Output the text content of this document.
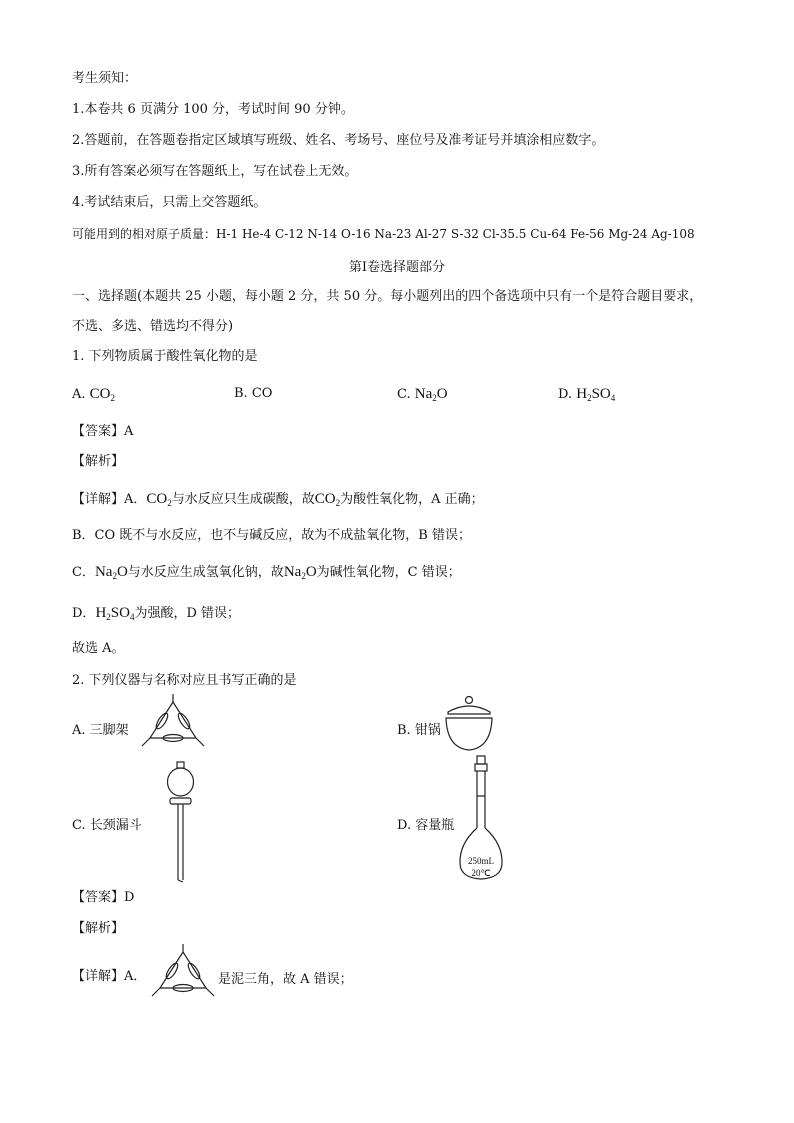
考生须知：
1.本卷共 6 页满分 100 分，考试时间 90 分钟。
2.答题前，在答题卷指定区域填写班级、姓名、考场号、座位号及准考证号并填涂相应数字。
3.所有答案必须写在答题纸上，写在试卷上无效。
4.考试结束后，只需上交答题纸。
可能用到的相对原子质量：H-1 He-4 C-12 N-14 O-16 Na-23 Al-27 S-32 Cl-35.5 Cu-64 Fe-56 Mg-24 Ag-108
第Ⅰ卷选择题部分
一、选择题(本题共 25 小题，每小题 2 分，共 50 分。每小题列出的四个备选项中只有一个是符合题目要求，
不选、多选、错选均不得分)
1. 下列物质属于酸性氧化物的是
A. $CO_2$	B. CO	C. $Na_2O$	D. $H_2SO_4$
【答案】A
【解析】
【详解】A．$CO_2$与水反应只生成碳酸，故$CO_2$为酸性氧化物，A 正确；
B．CO 既不与水反应，也不与碱反应，故为不成盐氧化物，B 错误；
C．$Na_2O$与水反应生成氢氧化钠，故$Na_2O$为碱性氧化物，C 错误；
D．$H_2SO_4$为强酸，D 错误；
故选 A。
2. 下列仪器与名称对应且书写正确的是
A. 三脚架	B. 钳锅
C. 长颈漏斗	D. 容量瓶
250mL
20℃
【答案】D
【解析】
【详解】A．	是泥三角，故 A 错误；
